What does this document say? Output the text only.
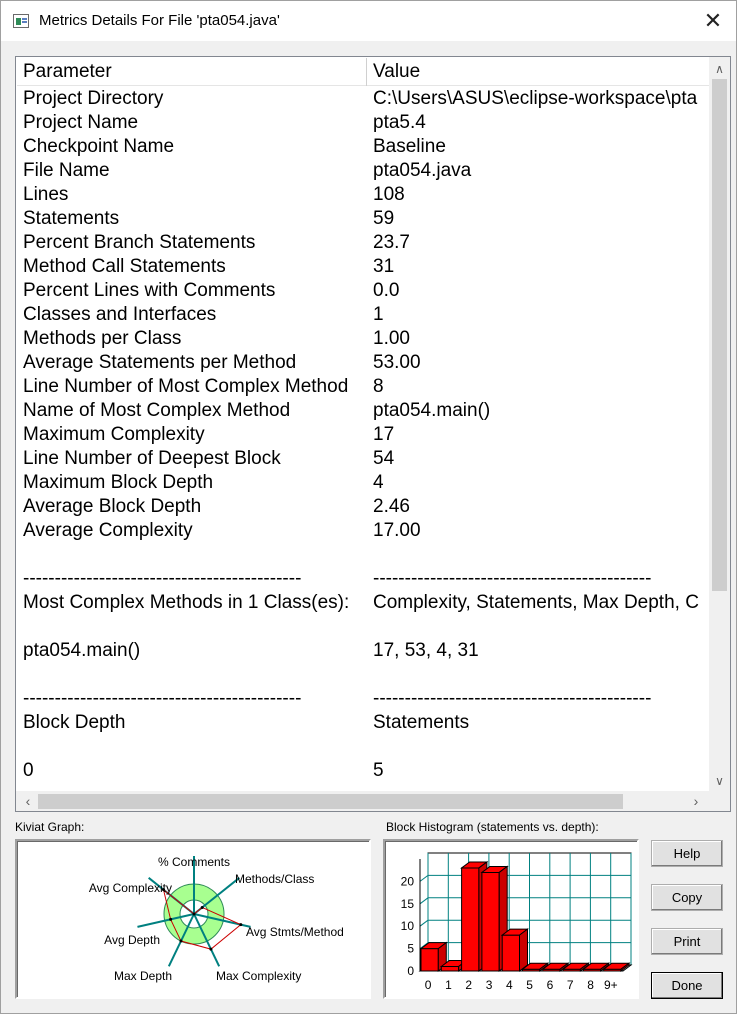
Metrics Details For File 'pta054.java'	✕
Parameter	Value
Project Directory	C:\Users\ASUS\eclipse-workspace\pta
Project Name	pta5.4
Checkpoint Name	Baseline
File Name	pta054.java
Lines	108
Statements	59
Percent Branch Statements	23.7
Method Call Statements	31
Percent Lines with Comments	0.0
Classes and Interfaces	1
Methods per Class	1.00
Average Statements per Method	53.00
Line Number of Most Complex Method 8
Name of Most Complex Method	pta054.main()
Maximum Complexity	17
Line Number of Deepest Block	54
Maximum Block Depth	4
Average Block Depth	2.46
Average Complexity	17.00
--------------------------------------------	--------------------------------------------
Most Complex Methods in 1 Class(es): Complexity, Statements, Max Depth, C
pta054.main()	17, 53, 4, 31
--------------------------------------------	--------------------------------------------
Block Depth	Statements
0	5
∧
∨
‹	›
Kiviat Graph:	Block Histogram (statements vs. depth):
% Comments
Methods/Class
Avg Stmts/Method
Max Complexity
Max Depth
Avg Depth
Avg Complexity
0
5
10
15
20
0 1 2 3 4 5 6 7 8 9+
Help
Copy
Print
Done
